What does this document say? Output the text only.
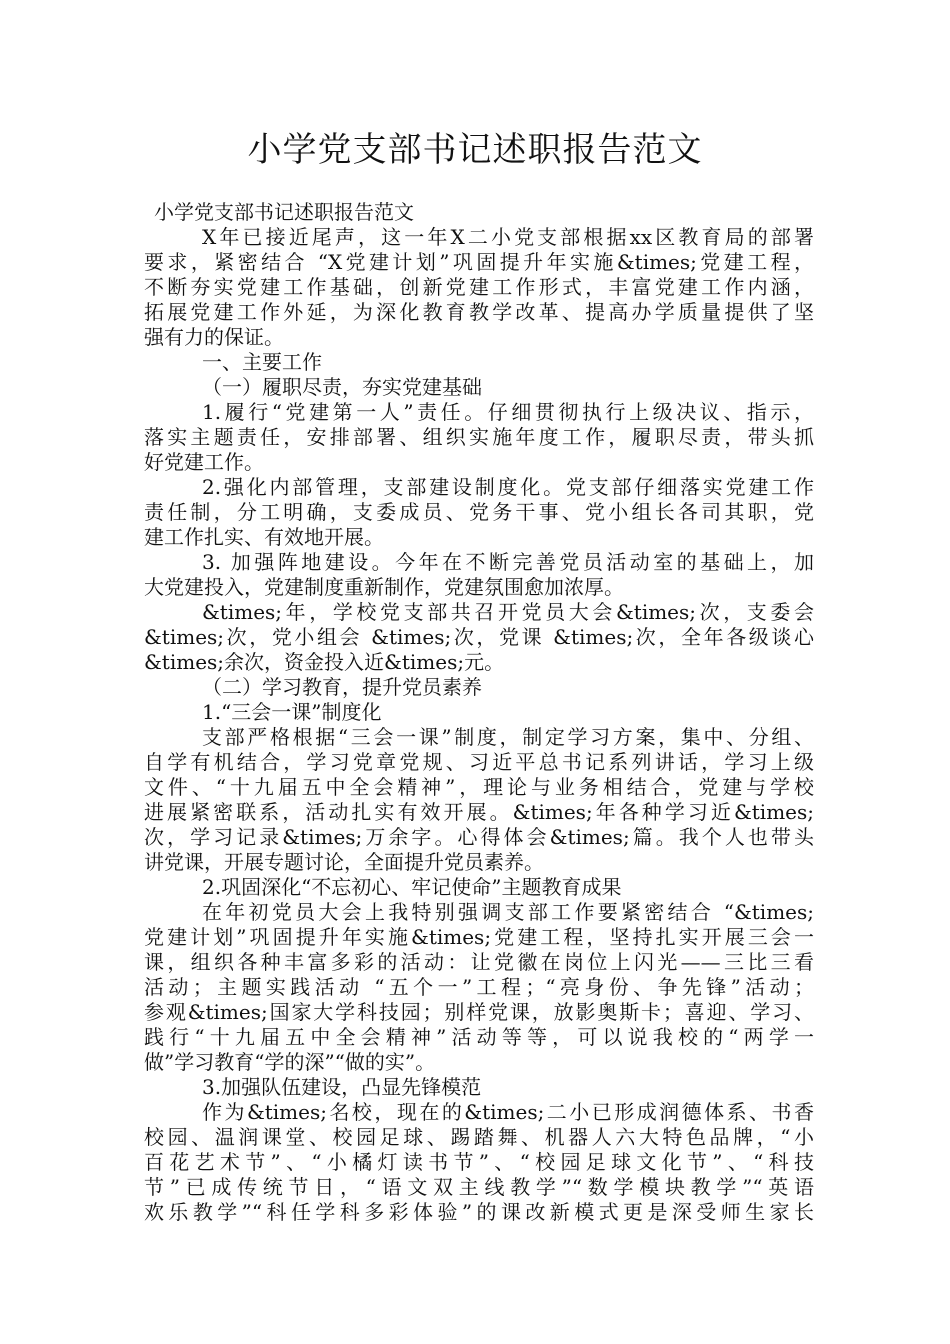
小学党支部书记述职报告范文
小学党支部书记述职报告范文
X年已接近尾声，这一年X二小党支部根据xx区教育局的部署
要求，紧密结合 “X党建计划”巩固提升年实施&times;党建工程，
不断夯实党建工作基础，创新党建工作形式，丰富党建工作内涵，
拓展党建工作外延，为深化教育教学改革、提高办学质量提供了坚
强有力的保证。
一、主要工作
（一）履职尽责，夯实党建基础
1.履行“党建第一人”责任。仔细贯彻执行上级决议、指示，
落实主题责任，安排部署、组织实施年度工作，履职尽责，带头抓
好党建工作。
2.强化内部管理，支部建设制度化。党支部仔细落实党建工作
责任制，分工明确，支委成员、党务干事、党小组长各司其职，党
建工作扎实、有效地开展。
3. 加强阵地建设。今年在不断完善党员活动室的基础上，加
大党建投入，党建制度重新制作，党建氛围愈加浓厚。
&times;年，学校党支部共召开党员大会&times;次，支委会
&times;次，党小组会 &times;次，党课 &times;次，全年各级谈心
&times;余次，资金投入近&times;元。
（二）学习教育，提升党员素养
1.“三会一课”制度化
支部严格根据“三会一课”制度，制定学习方案，集中、分组、
自学有机结合，学习党章党规、习近平总书记系列讲话，学习上级
文件、“十九届五中全会精神”，理论与业务相结合，党建与学校
进展紧密联系，活动扎实有效开展。&times;年各种学习近&times;
次，学习记录&times;万余字。心得体会&times;篇。我个人也带头
讲党课，开展专题讨论，全面提升党员素养。
2.巩固深化“不忘初心、牢记使命”主题教育成果
在年初党员大会上我特别强调支部工作要紧密结合 “&times;
党建计划”巩固提升年实施&times;党建工程，坚持扎实开展三会一
课，组织各种丰富多彩的活动：让党徽在岗位上闪光——三比三看
活动；主题实践活动 “五个一”工程；“亮身份、争先锋”活动；
参观&times;国家大学科技园；别样党课，放影奥斯卡；喜迎、学习、
践行“十九届五中全会精神”活动等等，可以说我校的“两学一
做”学习教育“学的深”“做的实”。
3.加强队伍建设，凸显先锋模范
作为&times;名校，现在的&times;二小已形成润德体系、书香
校园、温润课堂、校园足球、踢踏舞、机器人六大特色品牌，“小
百花艺术节”、“小橘灯读书节”、“校园足球文化节”、“科技
节”已成传统节日，“语文双主线教学”“数学模块教学”“英语
欢乐教学”“科任学科多彩体验”的课改新模式更是深受师生家长
